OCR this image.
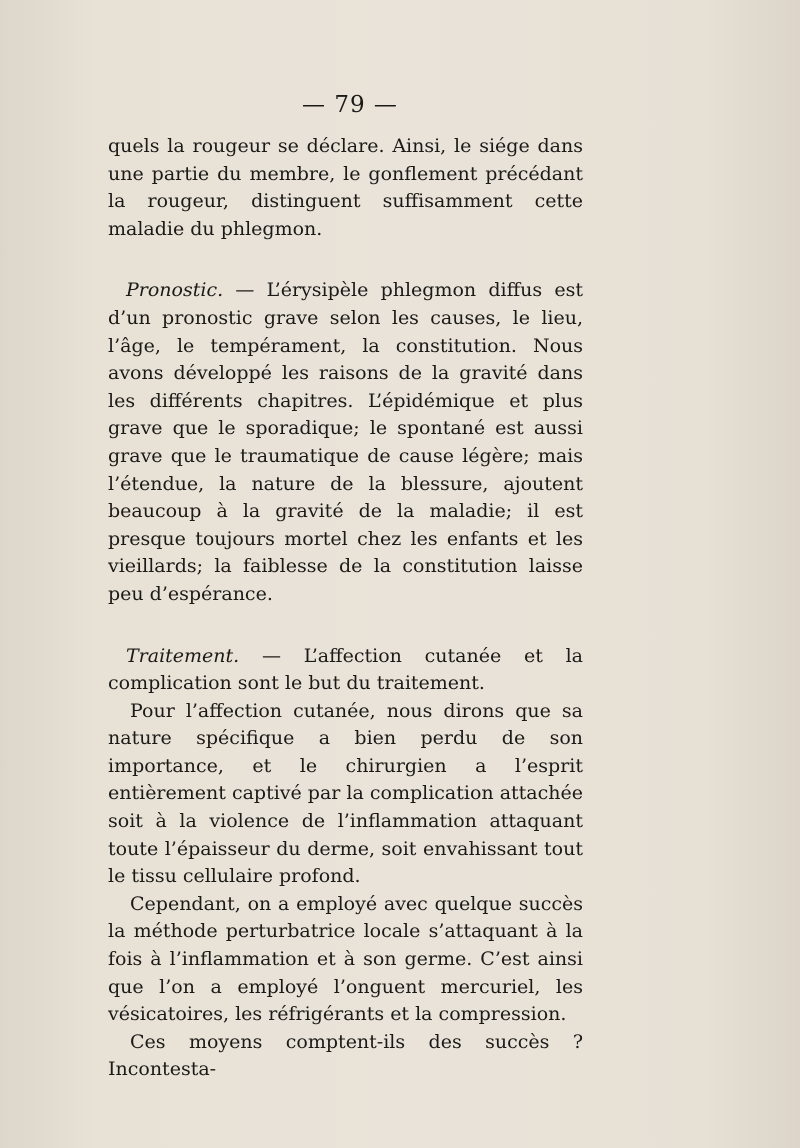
— 79 —

quels la rougeur se déclare. Ainsi, le siége dans une partie du membre, le gonflement précédant la rougeur, distinguent suffisamment cette maladie du phlegmon.

Pronostic. — L’érysipèle phlegmon diffus est d’un pronostic grave selon les causes, le lieu, l’âge, le tempérament, la constitution. Nous avons développé les raisons de la gravité dans les différents chapitres. L’épidémique et plus grave que le sporadique; le spontané est aussi grave que le traumatique de cause légère; mais l’étendue, la nature de la blessure, ajoutent beaucoup à la gravité de la maladie; il est presque toujours mortel chez les enfants et les vieillards; la faiblesse de la constitution laisse peu d’espérance.

Traitement. — L’affection cutanée et la complication sont le but du traitement.

Pour l’affection cutanée, nous dirons que sa nature spécifique a bien perdu de son importance, et le chirurgien a l’esprit entièrement captivé par la complication attachée soit à la violence de l’inflammation attaquant toute l’épaisseur du derme, soit envahissant tout le tissu cellulaire profond.

Cependant, on a employé avec quelque succès la méthode perturbatrice locale s’attaquant à la fois à l’inflammation et à son germe. C’est ainsi que l’on a employé l’onguent mercuriel, les vésicatoires, les réfrigérants et la compression.

Ces moyens comptent-ils des succès ? Incontesta-
